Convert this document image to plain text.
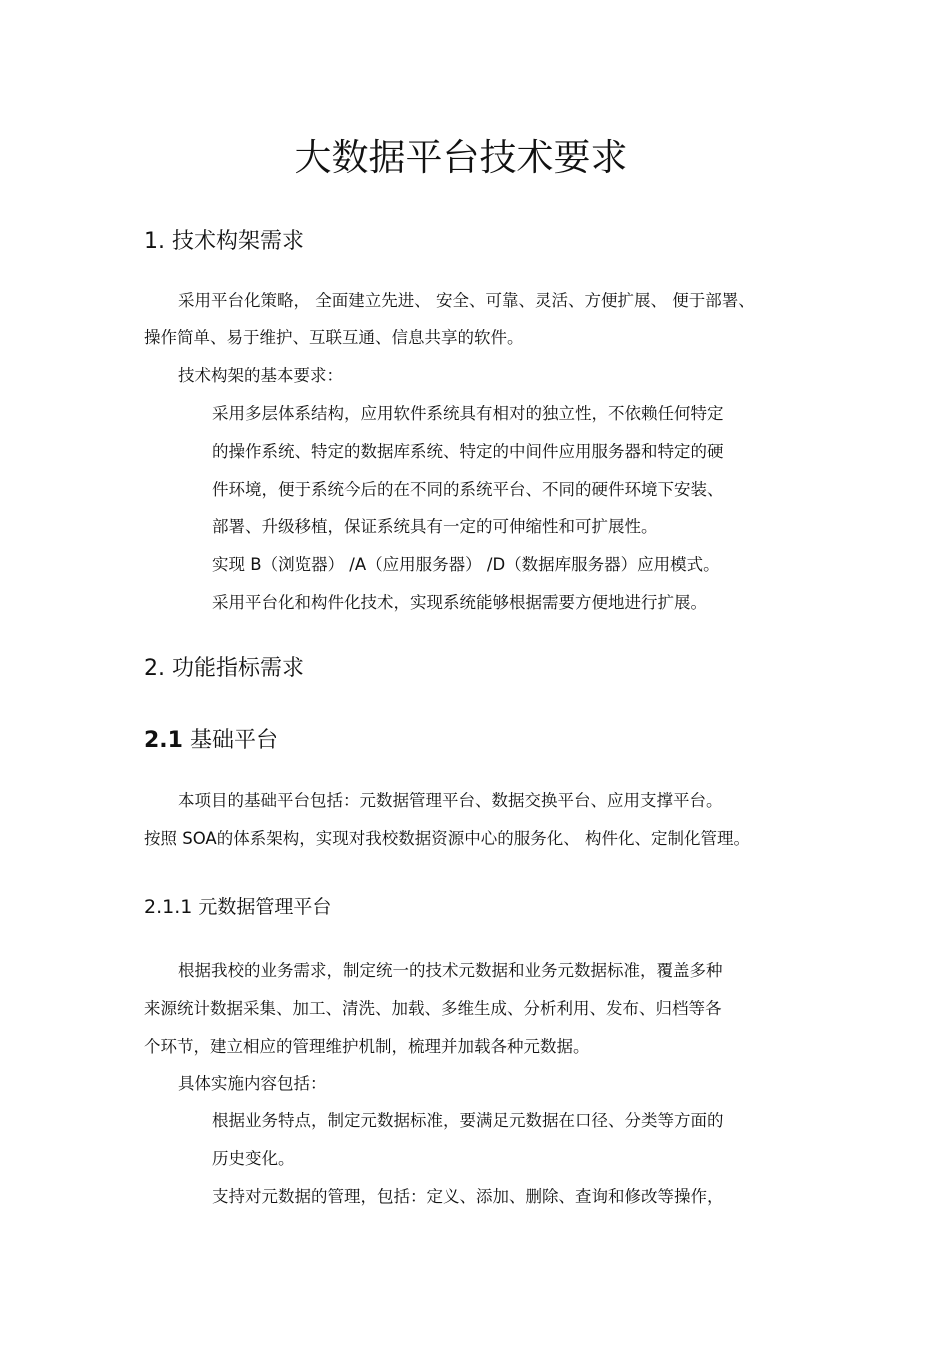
大数据平台技术要求
1. 技术构架需求
采用平台化策略， 全面建立先进、 安全、可靠、灵活、方便扩展、 便于部署、
操作简单、易于维护、互联互通、信息共享的软件。
技术构架的基本要求：
采用多层体系结构，应用软件系统具有相对的独立性，不依赖任何特定
的操作系统、特定的数据库系统、特定的中间件应用服务器和特定的硬
件环境，便于系统今后的在不同的系统平台、不同的硬件环境下安装、
部署、升级移植，保证系统具有一定的可伸缩性和可扩展性。
实现 B（浏览器） /A（应用服务器） /D（数据库服务器）应用模式。
采用平台化和构件化技术，实现系统能够根据需要方便地进行扩展。
2. 功能指标需求
2.1 基础平台
本项目的基础平台包括：元数据管理平台、数据交换平台、应用支撑平台。
按照 SOA的体系架构，实现对我校数据资源中心的服务化、 构件化、定制化管理。
2.1.1 元数据管理平台
根据我校的业务需求，制定统一的技术元数据和业务元数据标准，覆盖多种
来源统计数据采集、加工、清洗、加载、多维生成、分析利用、发布、归档等各
个环节，建立相应的管理维护机制，梳理并加载各种元数据。
具体实施内容包括：
根据业务特点，制定元数据标准，要满足元数据在口径、分类等方面的
历史变化。
支持对元数据的管理，包括：定义、添加、删除、查询和修改等操作，
